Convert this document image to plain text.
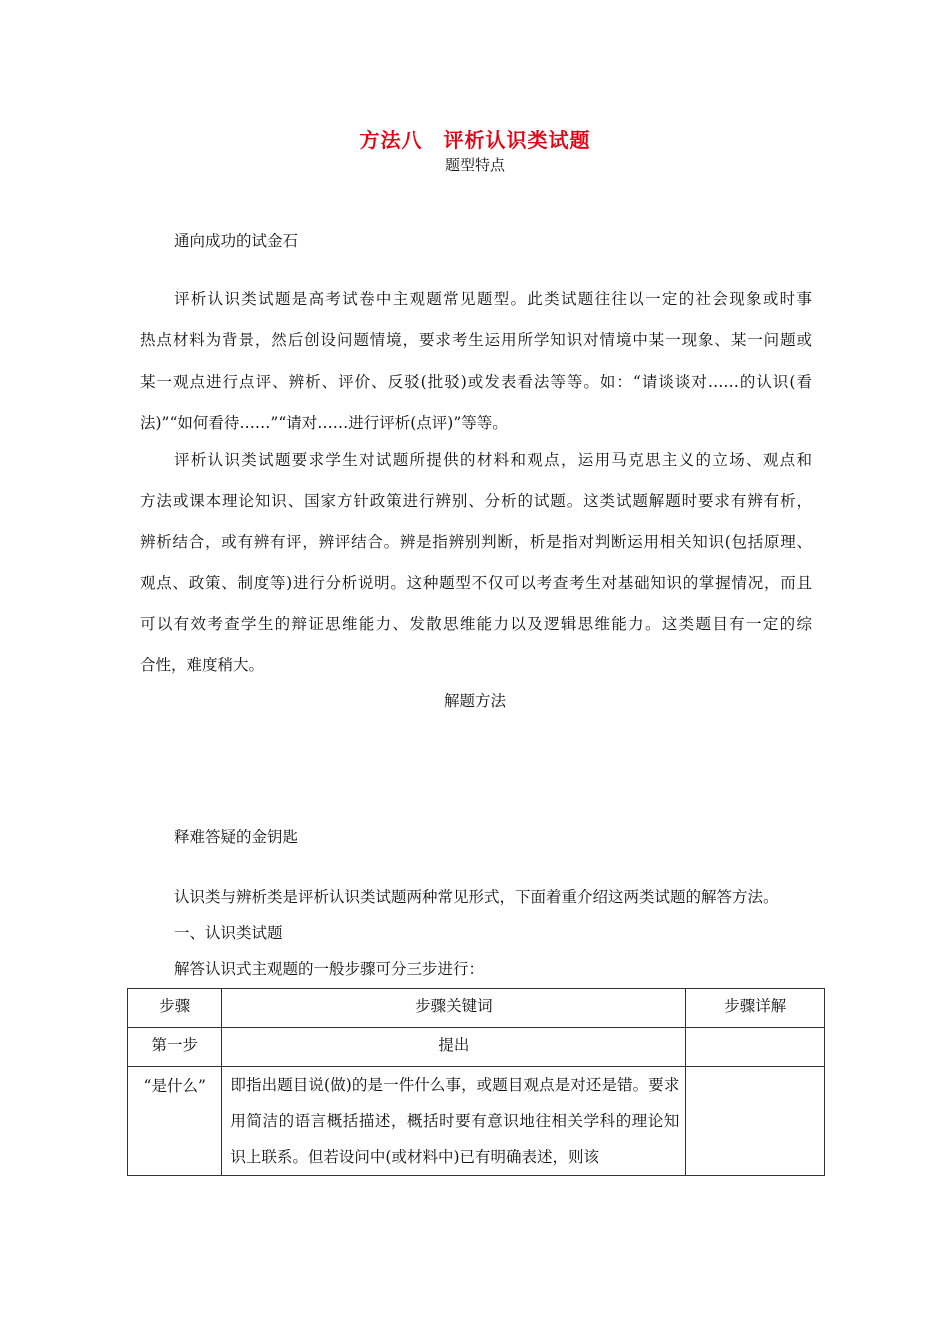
方法八　评析认识类试题
题型特点
通向成功的试金石
评析认识类试题是高考试卷中主观题常见题型。此类试题往往以一定的社会现象或时事
热点材料为背景，然后创设问题情境，要求考生运用所学知识对情境中某一现象、某一问题或
某一观点进行点评、辨析、评价、反驳(批驳)或发表看法等等。如：“请谈谈对……的认识(看
法)”“如何看待……”“请对……进行评析(点评)”等等。
评析认识类试题要求学生对试题所提供的材料和观点，运用马克思主义的立场、观点和
方法或课本理论知识、国家方针政策进行辨别、分析的试题。这类试题解题时要求有辨有析，
辨析结合，或有辨有评，辨评结合。辨是指辨别判断，析是指对判断运用相关知识(包括原理、
观点、政策、制度等)进行分析说明。这种题型不仅可以考查考生对基础知识的掌握情况，而且
可以有效考查学生的辩证思维能力、发散思维能力以及逻辑思维能力。这类题目有一定的综
合性，难度稍大。
解题方法
释难答疑的金钥匙
认识类与辨析类是评析认识类试题两种常见形式，下面着重介绍这两类试题的解答方法。
一、认识类试题
解答认识式主观题的一般步骤可分三步进行：
步骤	步骤关键词	步骤详解

第一步	提出	

“是什么”	即指出题目说(做)的是一件什么事，或题目观点是对还是错。要求用简洁的语言概括描述，概括时要有意识地往相关学科的理论知识上联系。但若设问中(或材料中)已有明确表述，则该	
